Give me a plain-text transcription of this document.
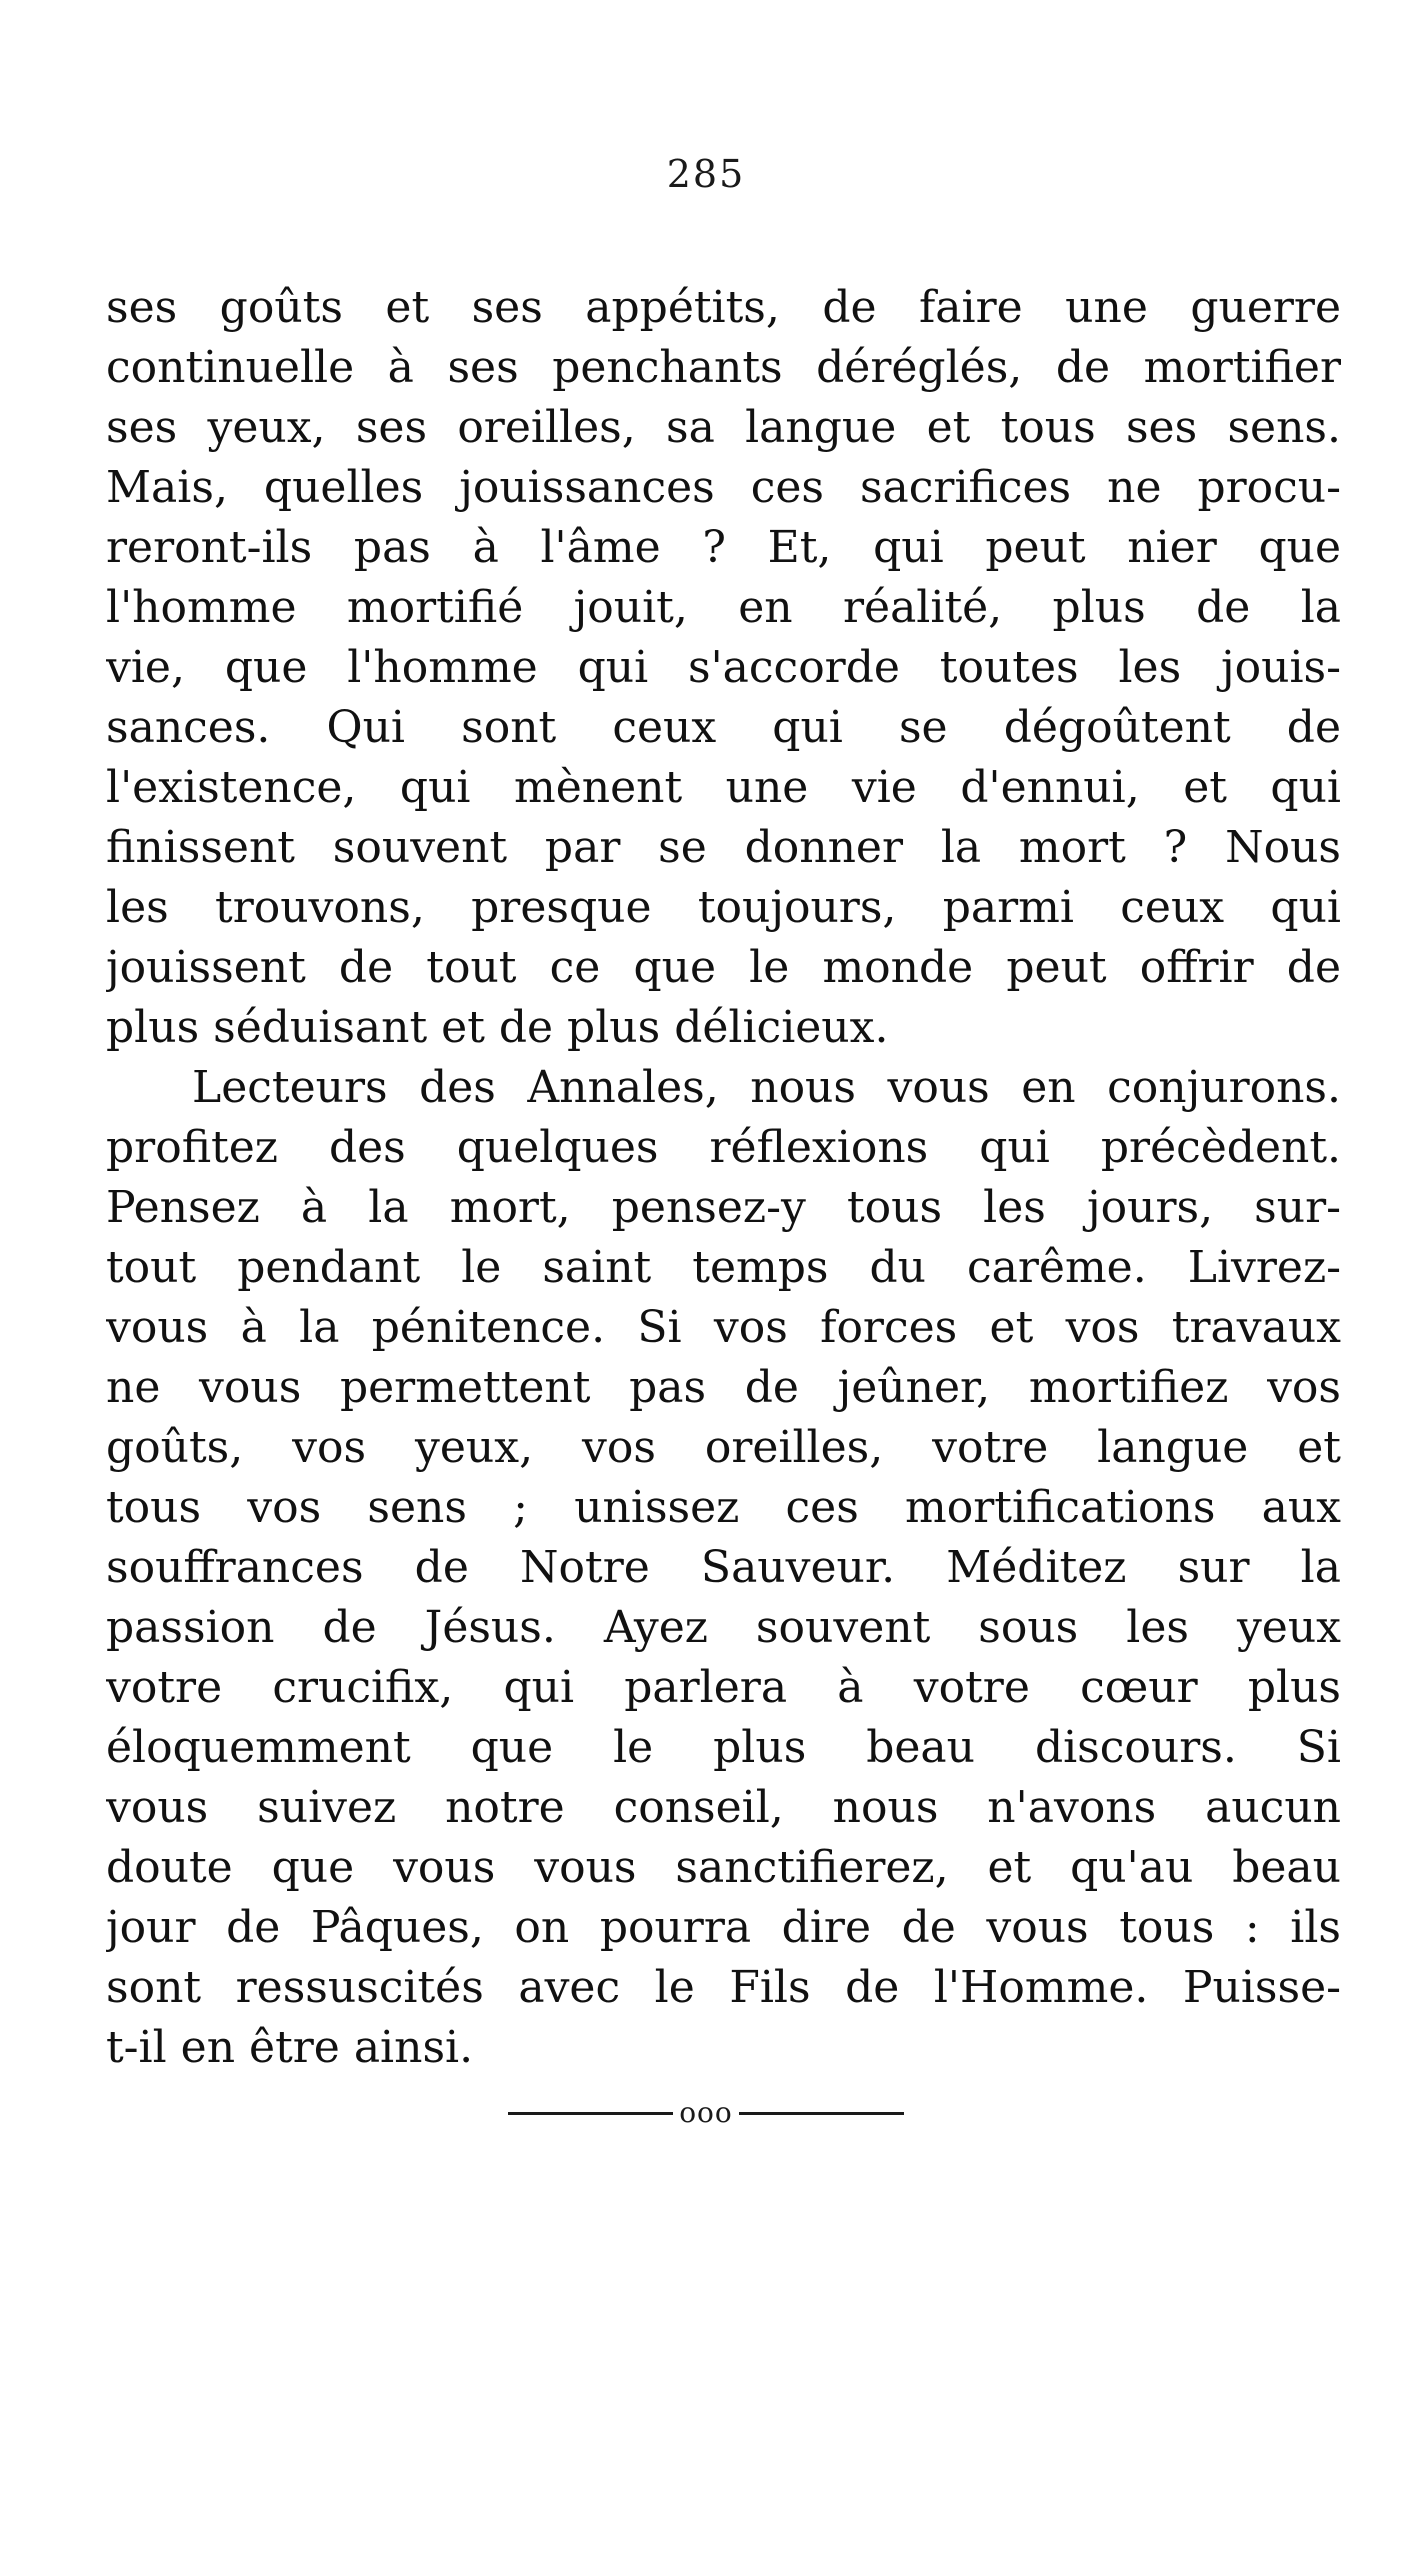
285
ses goûts et ses appétits, de faire une guerre
continuelle à ses penchants déréglés, de mortifier
ses yeux, ses oreilles, sa langue et tous ses sens.
Mais, quelles jouissances ces sacrifices ne procu-
reront-ils pas à l'âme ? Et, qui peut nier que
l'homme mortifié jouit, en réalité, plus de la
vie, que l'homme qui s'accorde toutes les jouis-
sances. Qui sont ceux qui se dégoûtent de
l'existence, qui mènent une vie d'ennui, et qui
finissent souvent par se donner la mort ? Nous
les trouvons, presque toujours, parmi ceux qui
jouissent de tout ce que le monde peut offrir de
plus séduisant et de plus délicieux.
Lecteurs des Annales, nous vous en conjurons.
profitez des quelques réflexions qui précèdent.
Pensez à la mort, pensez-y tous les jours, sur-
tout pendant le saint temps du carême. Livrez-
vous à la pénitence. Si vos forces et vos travaux
ne vous permettent pas de jeûner, mortifiez vos
goûts, vos yeux, vos oreilles, votre langue et
tous vos sens ; unissez ces mortifications aux
souffrances de Notre Sauveur. Méditez sur la
passion de Jésus. Ayez souvent sous les yeux
votre crucifix, qui parlera à votre cœur plus
éloquemment que le plus beau discours. Si
vous suivez notre conseil, nous n'avons aucun
doute que vous vous sanctifierez, et qu'au beau
jour de Pâques, on pourra dire de vous tous : ils
sont ressuscités avec le Fils de l'Homme. Puisse-
t-il en être ainsi.
ooo
